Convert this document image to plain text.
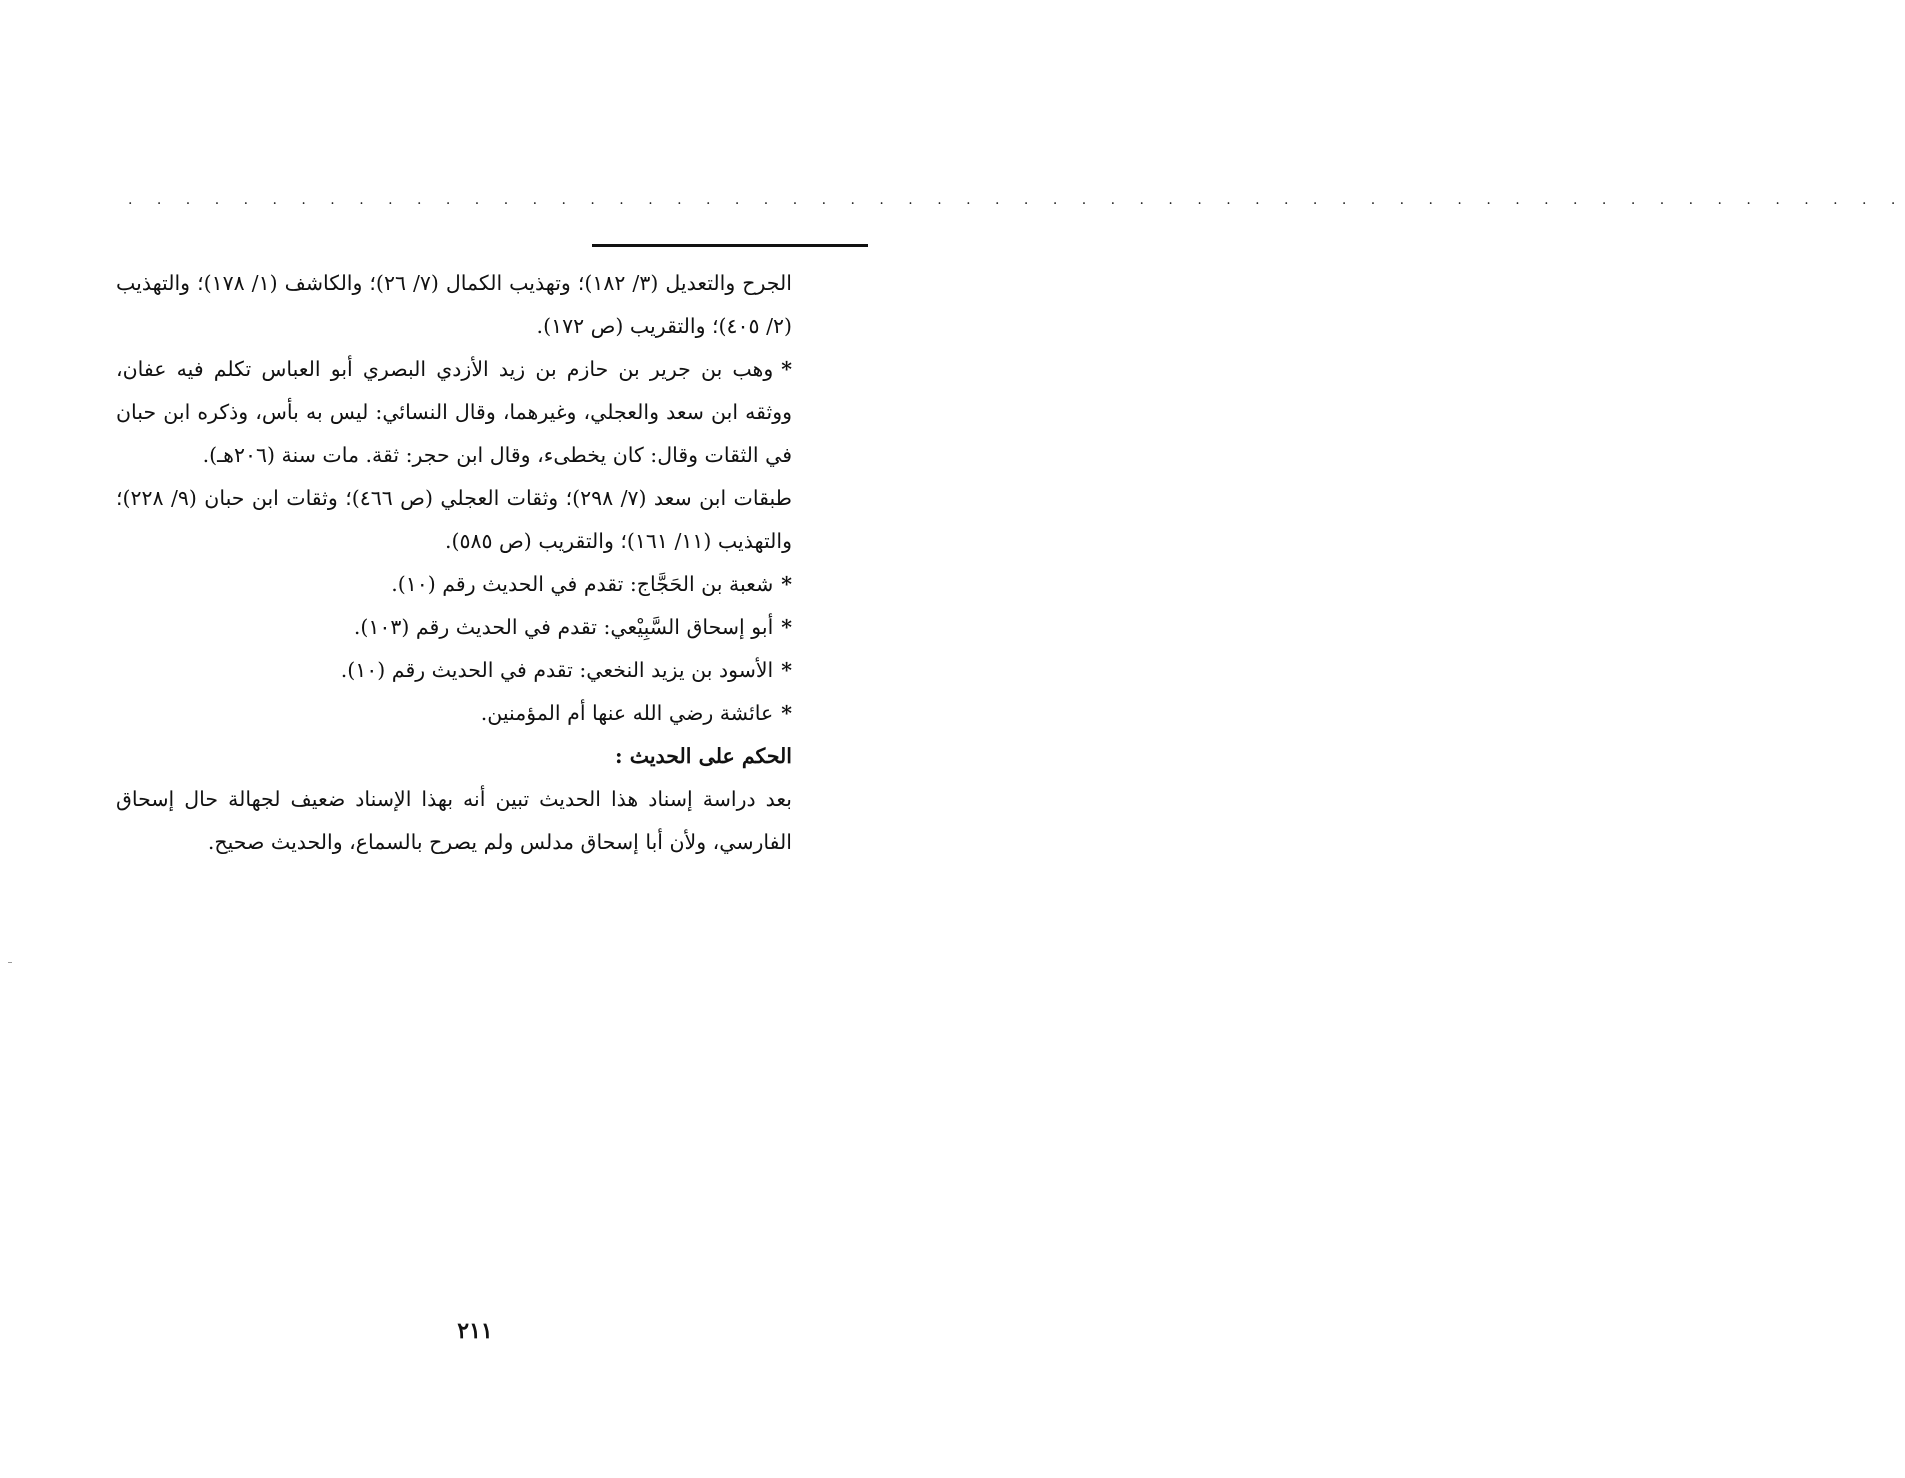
. . . . . . . . . . . . . . . . . . . . . . . . . . . . . . . . . . . . . . . . . . . . . . . . . . . . . . . . . . . . . .

الجرح والتعديل (٣/ ١٨٢)؛ وتهذيب الكمال (٧/ ٢٦)؛ والكاشف (١/ ١٧٨)؛ والتهذيب (٢/ ٤٠٥)؛ والتقريب (ص ١٧٢).

*وهب بن جرير بن حازم بن زيد الأزدي البصري أبو العباس تكلم فيه عفان، ووثقه ابن سعد والعجلي، وغيرهما، وقال النسائي: ليس به بأس، وذكره ابن حبان في الثقات وقال: كان يخطىء، وقال ابن حجر: ثقة. مات سنة (٢٠٦هـ).

طبقات ابن سعد (٧/ ٢٩٨)؛ وثقات العجلي (ص ٤٦٦)؛ وثقات ابن حبان (٩/ ٢٢٨)؛ والتهذيب (١١/ ١٦١)؛ والتقريب (ص ٥٨٥).

*شعبة بن الحَجَّاج: تقدم في الحديث رقم (١٠).

*أبو إسحاق السَّبِيْعي: تقدم في الحديث رقم (١٠٣).

*الأسود بن يزيد النخعي: تقدم في الحديث رقم (١٠).

*عائشة رضي الله عنها أم المؤمنين.

الحكم على الحديث :

بعد دراسة إسناد هذا الحديث تبين أنه بهذا الإسناد ضعيف لجهالة حال إسحاق الفارسي، ولأن أبا إسحاق مدلس ولم يصرح بالسماع، والحديث صحيح.

٢١١
